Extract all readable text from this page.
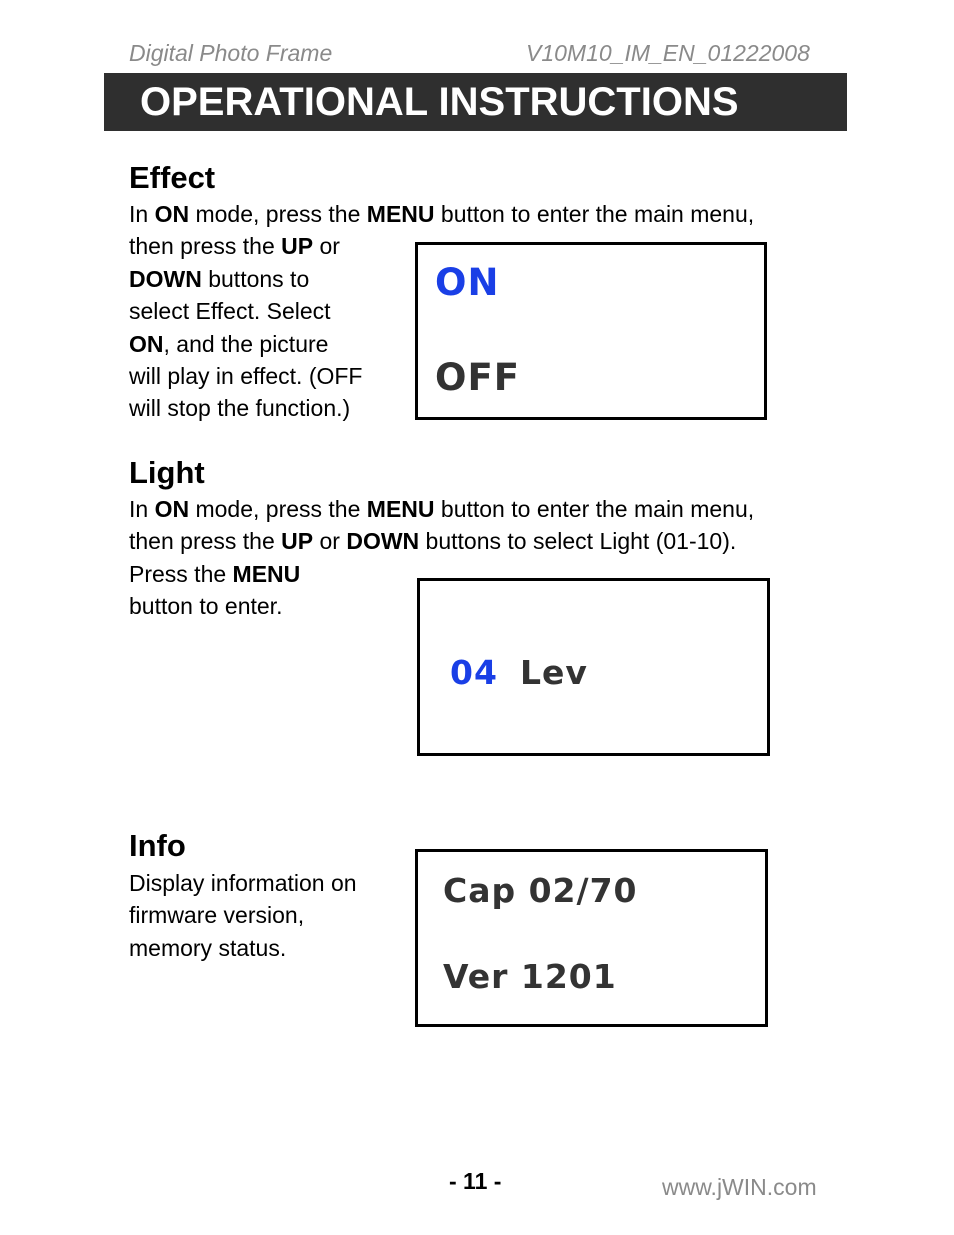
Digital Photo Frame	V10M10_IM_EN_01222008
OPERATIONAL INSTRUCTIONS
Effect
In ON mode, press the MENU button to enter the main menu,
then press the UP or
DOWN buttons to
select Effect. Select
ON, and the picture
will play in effect. (OFF
will stop the function.)
ON
OFF
Light
In ON mode, press the MENU button to enter the main menu,
then press the UP or DOWN buttons to select Light (01-10).
Press the MENU
button to enter.
04 Lev
Info
Display information on
firmware version,
memory status.
Cap 02/70
Ver 1201
- 11 -	www.jWIN.com
